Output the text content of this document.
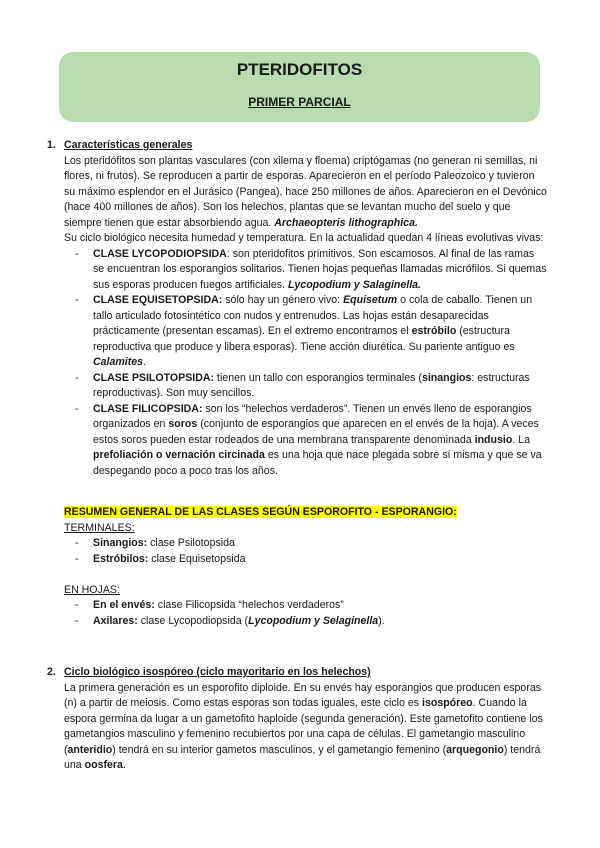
PTERIDOFITOS
PRIMER PARCIAL
1. Características generales

Los pteridófitos son plantas vasculares (con xilema y floema) criptógamas (no generan ni semillas, ni flores, ni frutos). Se reproducen a partir de esporas. Aparecieron en el período Paleozoico y tuvieron su máximo esplendor en el Jurásico (Pangea), hace 250 millones de años. Aparecieron en el Devónico (hace 400 millones de años). Son los helechos, plantas que se levantan mucho del suelo y que siempre tienen que estar absorbiendo agua. Archaeopteris lithographica.

Su ciclo biológico necesita humedad y temperatura. En la actualidad quedan 4 líneas evolutivas vivas:

- CLASE LYCOPODIOPSIDA: son pteridofitos primitivos. Son escamosos. Al final de las ramas se encuentran los esporangios solitarios. Tienen hojas pequeñas llamadas micrófilos. Si quemas sus esporas producen fuegos artificiales. Lycopodium y Salaginella.
- CLASE EQUISETOPSIDA: sólo hay un género vivo: Equisetum o cola de caballo. Tienen un tallo articulado fotosintético con nudos y entrenudos. Las hojas están desaparecidas prácticamente (presentan escamas). En el extremo encontramos el estróbilo (estructura reproductiva que produce y libera esporas). Tiene acción diurética. Su pariente antiguo es Calamites.
- CLASE PSILOTOPSIDA: tienen un tallo con esporangios terminales (sinangios: estructuras reproductivas). Son muy sencillos.
- CLASE FILICOPSIDA: son los “helechos verdaderos”. Tienen un envés lleno de esporangios organizados en soros (conjunto de esporangios que aparecen en el envés de la hoja). A veces estos soros pueden estar rodeados de una membrana transparente denominada indusio. La prefoliación o vernación circinada es una hoja que nace plegada sobre sí misma y que se va despegando poco a poco tras los años.
RESUMEN GENERAL DE LAS CLASES SEGÚN ESPOROFITO - ESPORANGIO:
TERMINALES:
- Sinangios: clase Psilotopsida
- Estróbilos: clase Equisetopsida
EN HOJAS:
- En el envés: clase Filicopsida “helechos verdaderos”
- Axilares: clase Lycopodiopsida (Lycopodium y Selaginella).
2. Ciclo biológico isospóreo (ciclo mayoritario en los helechos)

La primera generación es un esporofito diploide. En su envés hay esporangios que producen esporas (n) a partir de meiosis. Como estas esporas son todas iguales, este ciclo es isospóreo. Cuando la espora germina da lugar a un gametofito haploide (segunda generación). Este gametofito contiene los gametangios masculino y femenino recubiertos por una capa de células. El gametangio masculino (anteridio) tendrá en su interior gametos masculinos, y el gametangio femenino (arquegonio) tendrá una oosfera.
